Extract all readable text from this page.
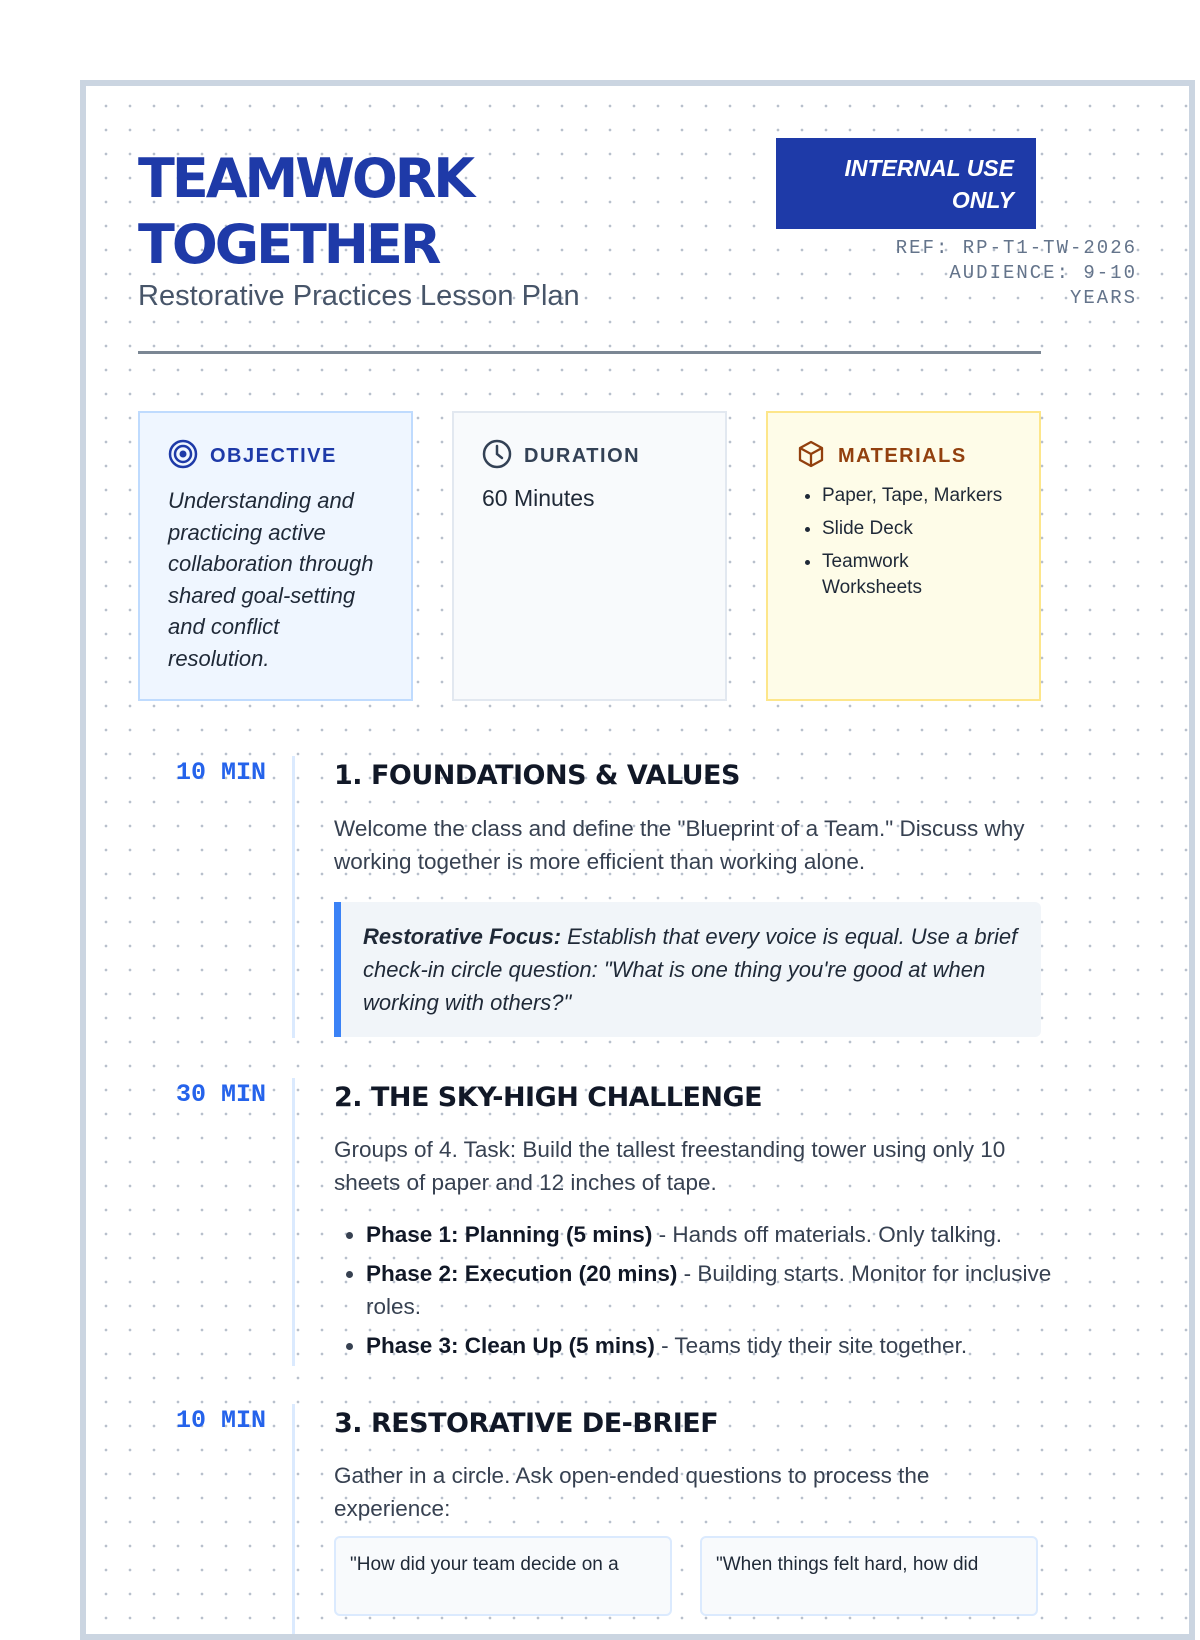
TEAMWORK
TOGETHER
Restorative Practices Lesson Plan
INTERNAL USE ONLY
REF: RP-T1-TW-2026
AUDIENCE: 9-10
YEARS
OBJECTIVE
Understanding and practicing active collaboration through shared goal-setting and conflict resolution.
DURATION
60 Minutes
MATERIALS
• Paper, Tape, Markers
• Slide Deck
• Teamwork Worksheets
10 MIN	1. FOUNDATIONS & VALUES
Welcome the class and define the "Blueprint of a Team." Discuss why working together is more efficient than working alone.
Restorative Focus: Establish that every voice is equal. Use a brief check-in circle question: "What is one thing you're good at when working with others?"
30 MIN	2. THE SKY-HIGH CHALLENGE
Groups of 4. Task: Build the tallest freestanding tower using only 10 sheets of paper and 12 inches of tape.
• Phase 1: Planning (5 mins) - Hands off materials. Only talking.
• Phase 2: Execution (20 mins) - Building starts. Monitor for inclusive roles.
• Phase 3: Clean Up (5 mins) - Teams tidy their site together.
10 MIN	3. RESTORATIVE DE-BRIEF
Gather in a circle. Ask open-ended questions to process the experience:
"How did your team decide on a	"When things felt hard, how did
